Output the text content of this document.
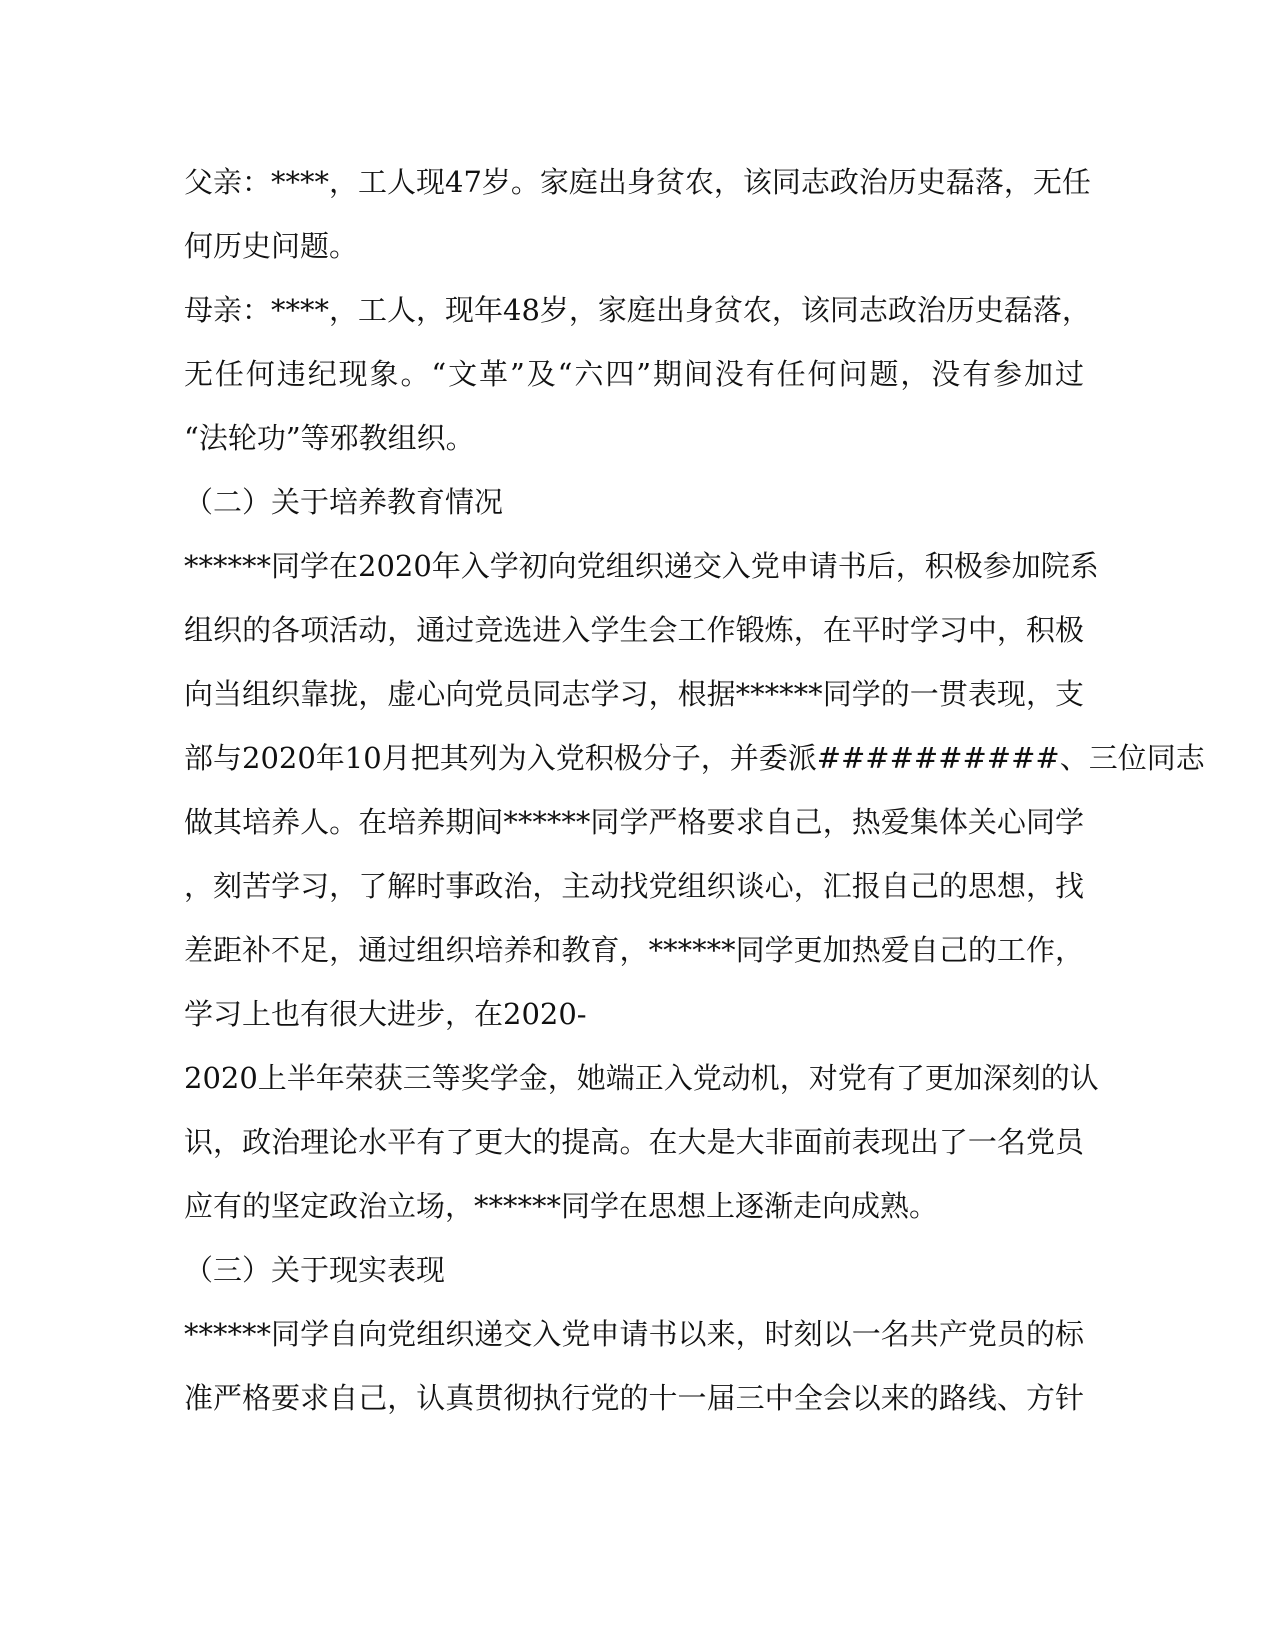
父亲：****，工人现47岁。家庭出身贫农，该同志政治历史磊落，无任
何历史问题。
母亲：****，工人，现年48岁，家庭出身贫农，该同志政治历史磊落，
无任何违纪现象。“文革”及“六四”期间没有任何问题，没有参加过
“法轮功”等邪教组织。
（二）关于培养教育情况
******同学在2020年入学初向党组织递交入党申请书后，积极参加院系
组织的各项活动，通过竞选进入学生会工作锻炼，在平时学习中，积极
向当组织靠拢，虚心向党员同志学习，根据******同学的一贯表现，支
部与2020年10月把其列为入党积极分子，并委派##########、三位同志
做其培养人。在培养期间******同学严格要求自己，热爱集体关心同学
，刻苦学习，了解时事政治，主动找党组织谈心，汇报自己的思想，找
差距补不足，通过组织培养和教育，******同学更加热爱自己的工作，
学习上也有很大进步，在2020-
2020上半年荣获三等奖学金，她端正入党动机，对党有了更加深刻的认
识，政治理论水平有了更大的提高。在大是大非面前表现出了一名党员
应有的坚定政治立场，******同学在思想上逐渐走向成熟。
（三）关于现实表现
******同学自向党组织递交入党申请书以来，时刻以一名共产党员的标
准严格要求自己，认真贯彻执行党的十一届三中全会以来的路线、方针
